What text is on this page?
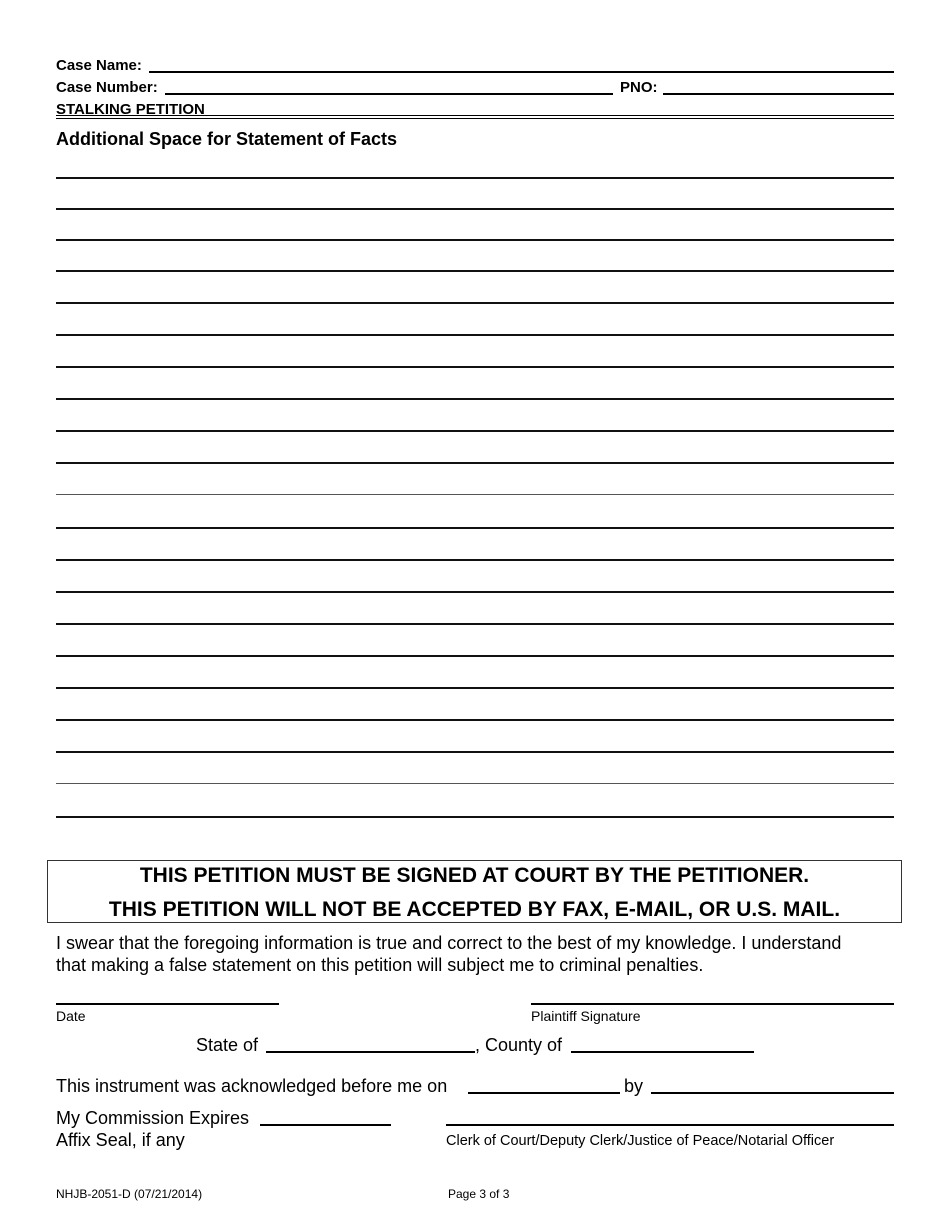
Case Name:
Case Number:	PNO:
STALKING PETITION
Additional Space for Statement of Facts
THIS PETITION MUST BE SIGNED AT COURT BY THE PETITIONER.
THIS PETITION WILL NOT BE ACCEPTED BY FAX, E-MAIL, OR U.S. MAIL.
I swear that the foregoing information is true and correct to the best of my knowledge. I understand
that making a false statement on this petition will subject me to criminal penalties.
Date	Plaintiff Signature
State of	, County of
This instrument was acknowledged before me on	by
My Commission Expires
Affix Seal, if any	Clerk of Court/Deputy Clerk/Justice of Peace/Notarial Officer
NHJB-2051-D (07/21/2014)	Page 3 of 3
